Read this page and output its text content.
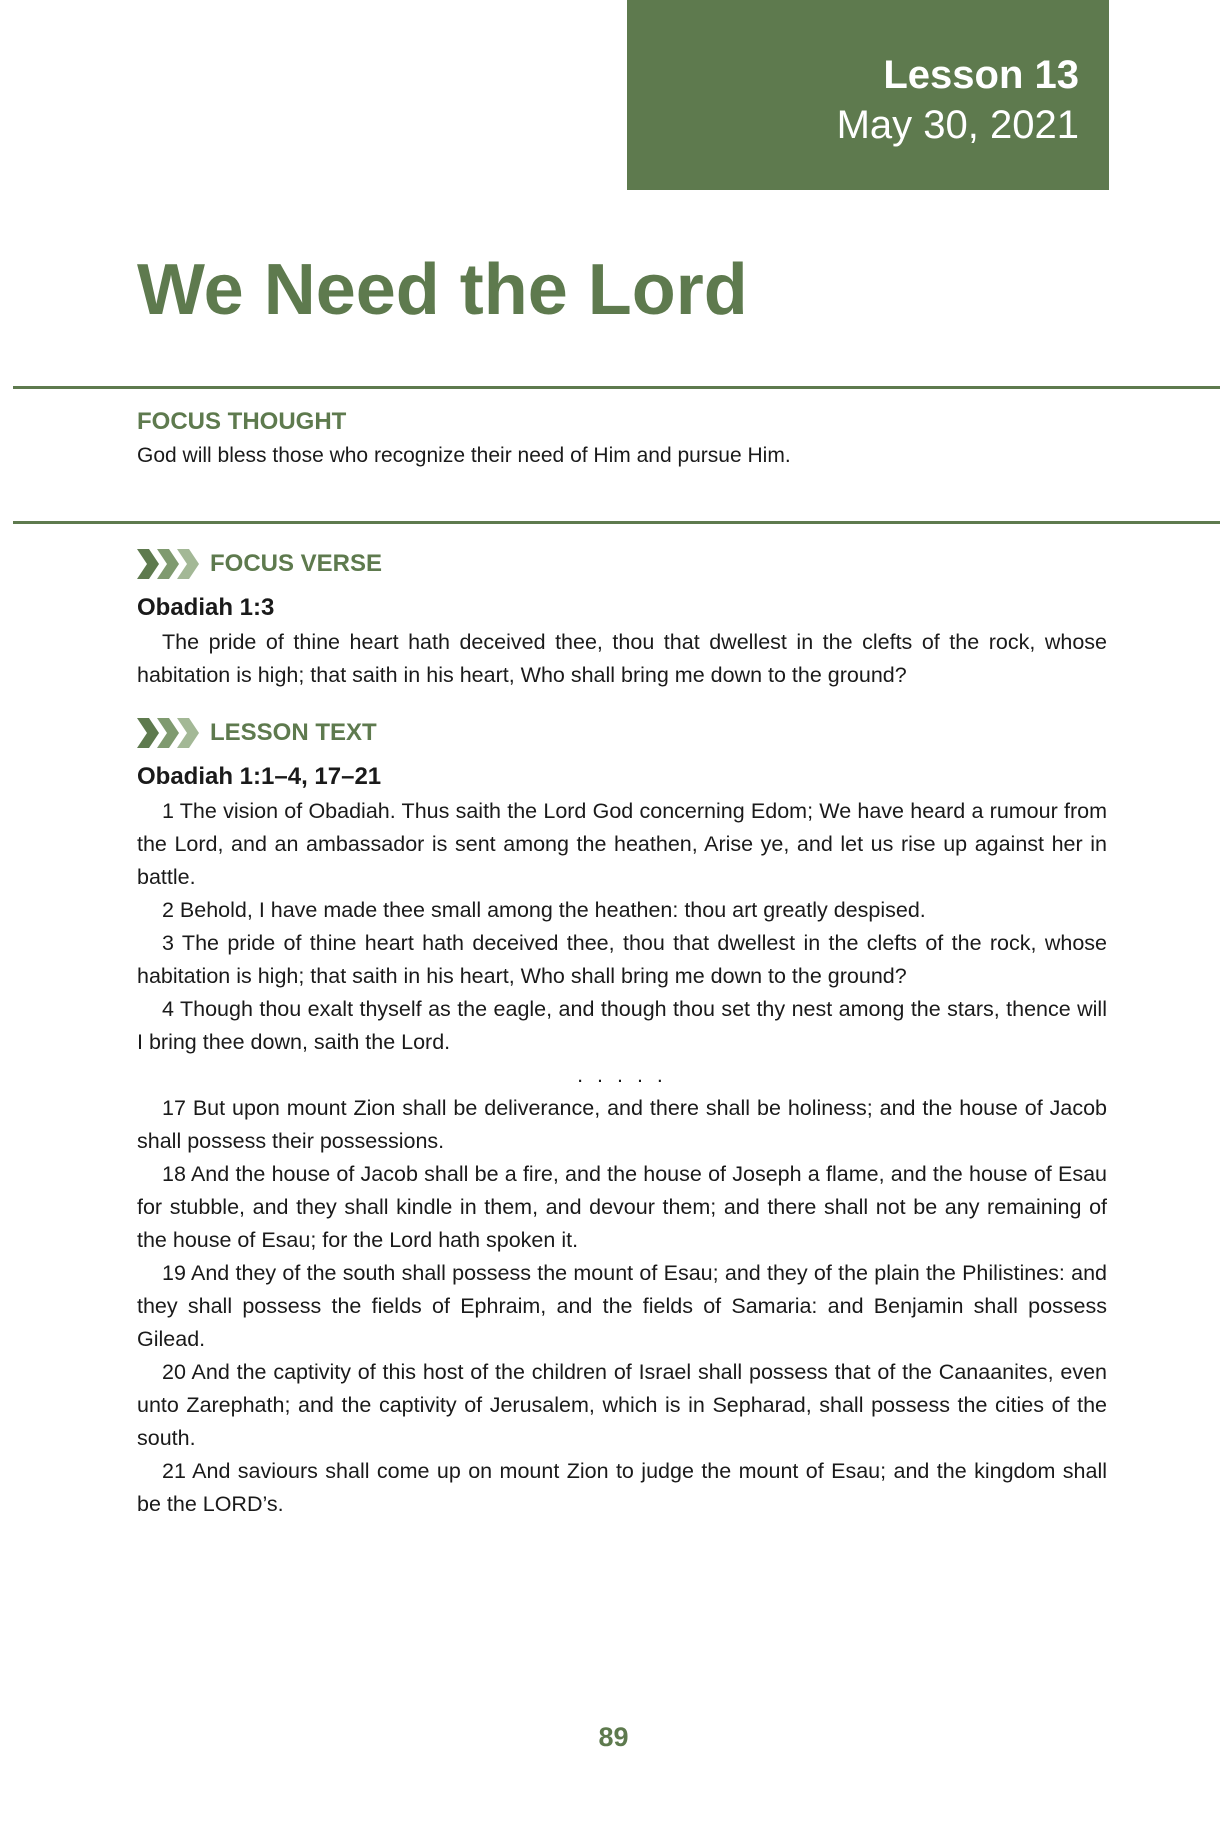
Lesson 13
May 30, 2021
We Need the Lord
FOCUS THOUGHT
God will bless those who recognize their need of Him and pursue Him.
FOCUS VERSE
Obadiah 1:3

The pride of thine heart hath deceived thee, thou that dwellest in the clefts of the rock, whose habitation is high; that saith in his heart, Who shall bring me down to the ground?

LESSON TEXT
Obadiah 1:1–4, 17–21

1 The vision of Obadiah. Thus saith the Lord God concerning Edom; We have heard a rumour from the Lord, and an ambassador is sent among the heathen, Arise ye, and let us rise up against her in battle.

2 Behold, I have made thee small among the heathen: thou art greatly despised.

3 The pride of thine heart hath deceived thee, thou that dwellest in the clefts of the rock, whose habitation is high; that saith in his heart, Who shall bring me down to the ground?

4 Though thou exalt thyself as the eagle, and though thou set thy nest among the stars, thence will I bring thee down, saith the Lord.

. . . . .

17 But upon mount Zion shall be deliverance, and there shall be holiness; and the house of Jacob shall possess their possessions.

18 And the house of Jacob shall be a fire, and the house of Joseph a flame, and the house of Esau for stubble, and they shall kindle in them, and devour them; and there shall not be any remaining of the house of Esau; for the Lord hath spoken it.

19 And they of the south shall possess the mount of Esau; and they of the plain the Philistines: and they shall possess the fields of Ephraim, and the fields of Samaria: and Benjamin shall possess Gilead.

20 And the captivity of this host of the children of Israel shall possess that of the Canaanites, even unto Zarephath; and the captivity of Jerusalem, which is in Sepharad, shall possess the cities of the south.

21 And saviours shall come up on mount Zion to judge the mount of Esau; and the kingdom shall be the LORD’s.

89
